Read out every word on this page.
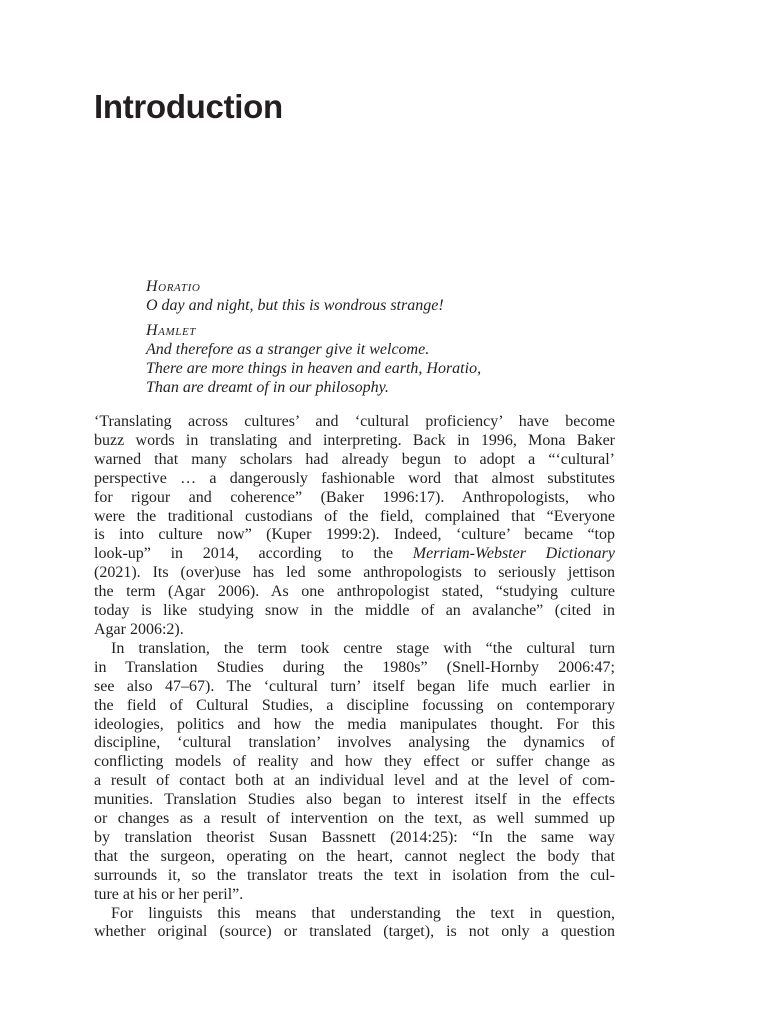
Introduction
Horatio
O day and night, but this is wondrous strange!
Hamlet
And therefore as a stranger give it welcome.
There are more things in heaven and earth, Horatio,
Than are dreamt of in our philosophy.
‘Translating across cultures’ and ‘cultural proficiency’ have become
buzz words in translating and interpreting. Back in 1996, Mona Baker
warned that many scholars had already begun to adopt a “‘cultural’
perspective … a dangerously fashionable word that almost substitutes
for rigour and coherence” (Baker 1996:17). Anthropologists, who
were the traditional custodians of the field, complained that “Everyone
is into culture now” (Kuper 1999:2). Indeed, ‘culture’ became “top
look-up” in 2014, according to the Merriam-Webster Dictionary
(2021). Its (over)use has led some anthropologists to seriously jettison
the term (Agar 2006). As one anthropologist stated, “studying culture
today is like studying snow in the middle of an avalanche” (cited in
Agar 2006:2).
In translation, the term took centre stage with “the cultural turn
in Translation Studies during the 1980s” (Snell-Hornby 2006:47;
see also 47–67). The ‘cultural turn’ itself began life much earlier in
the field of Cultural Studies, a discipline focussing on contemporary
ideologies, politics and how the media manipulates thought. For this
discipline, ‘cultural translation’ involves analysing the dynamics of
conflicting models of reality and how they effect or suffer change as
a result of contact both at an individual level and at the level of com-
munities. Translation Studies also began to interest itself in the effects
or changes as a result of intervention on the text, as well summed up
by translation theorist Susan Bassnett (2014:25): “In the same way
that the surgeon, operating on the heart, cannot neglect the body that
surrounds it, so the translator treats the text in isolation from the cul-
ture at his or her peril”.
For linguists this means that understanding the text in question,
whether original (source) or translated (target), is not only a question
